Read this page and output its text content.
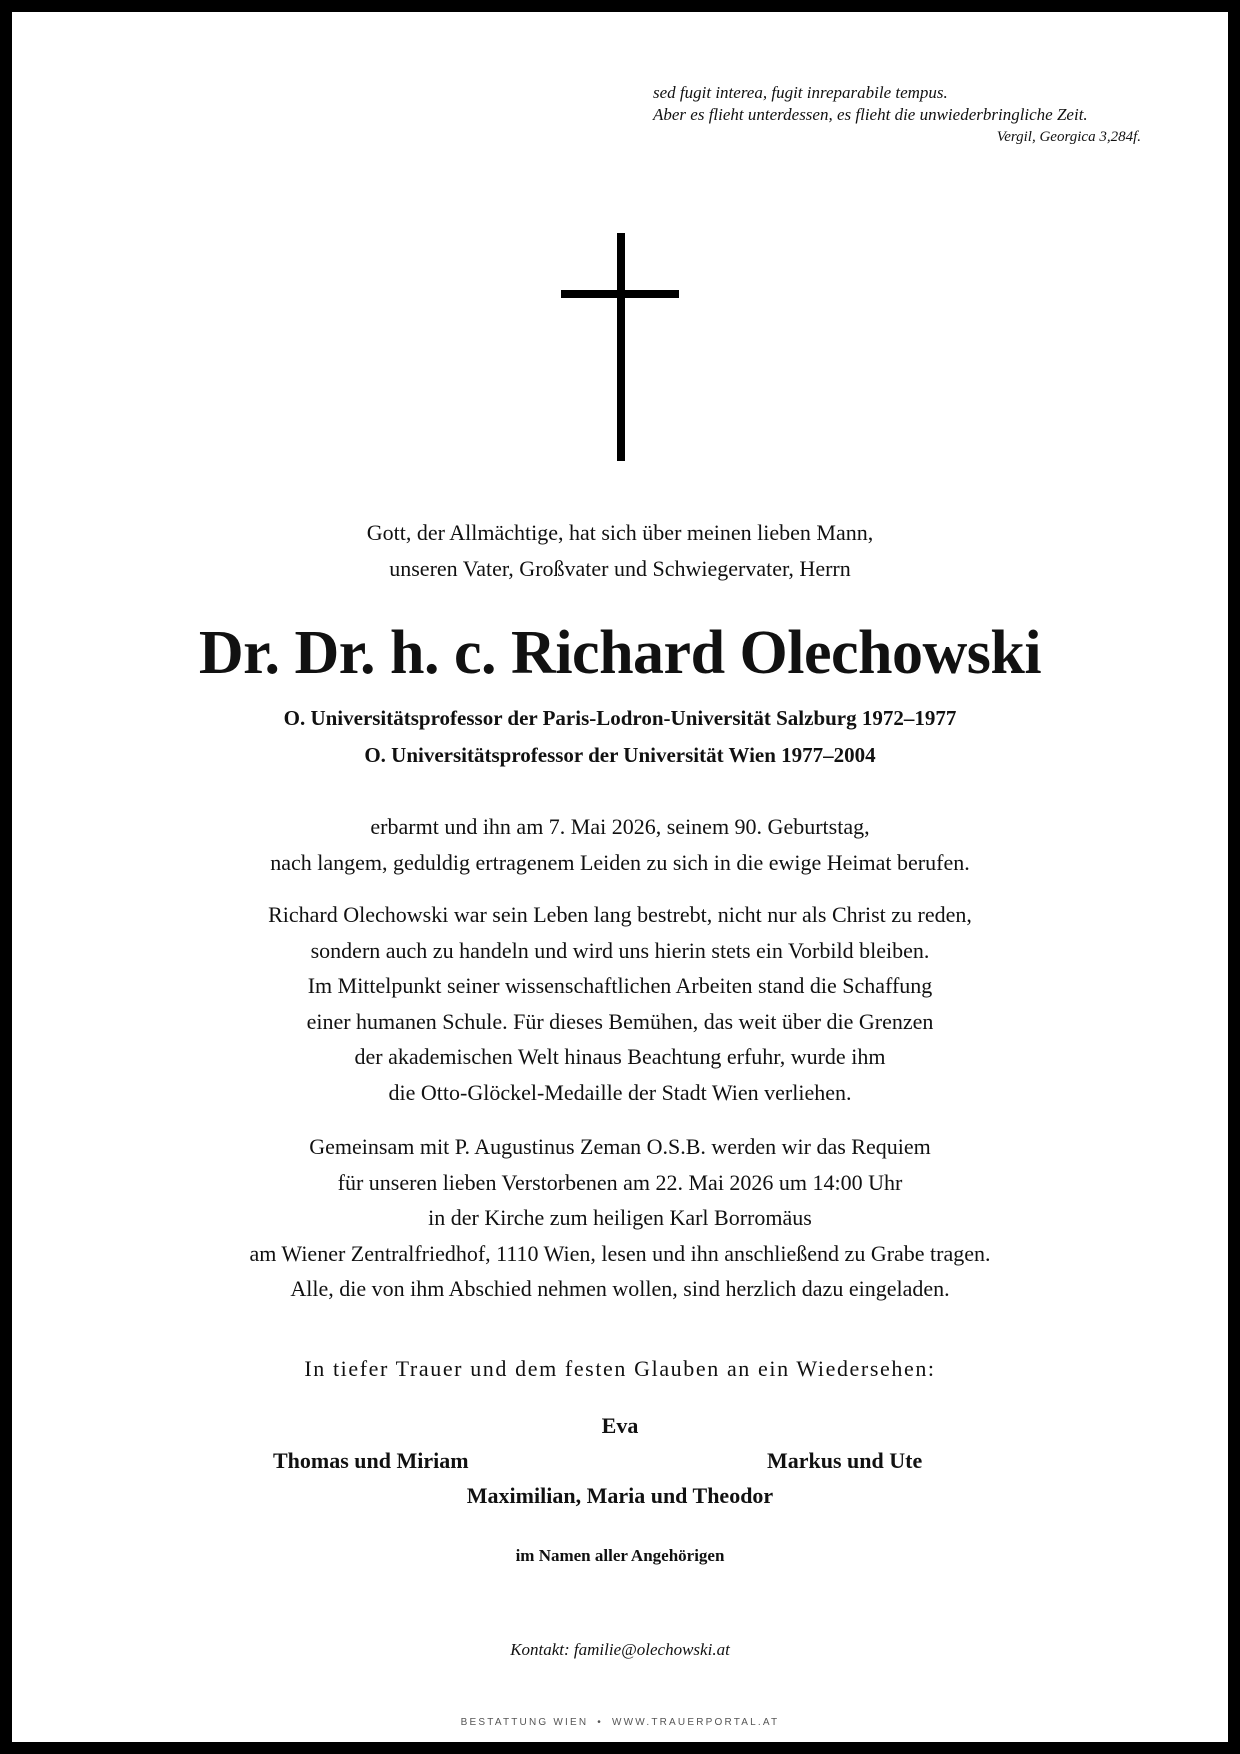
sed fugit interea, fugit inreparabile tempus.
Aber es flieht unterdessen, es flieht die unwiederbringliche Zeit.
Vergil, Georgica 3,284f.
Gott, der Allmächtige, hat sich über meinen lieben Mann,
unseren Vater, Großvater und Schwiegervater, Herrn
Dr. Dr. h. c. Richard Olechowski
O. Universitätsprofessor der Paris-Lodron-Universität Salzburg 1972–1977
O. Universitätsprofessor der Universität Wien 1977–2004
erbarmt und ihn am 7. Mai 2026, seinem 90. Geburtstag,
nach langem, geduldig ertragenem Leiden zu sich in die ewige Heimat berufen.
Richard Olechowski war sein Leben lang bestrebt, nicht nur als Christ zu reden,
sondern auch zu handeln und wird uns hierin stets ein Vorbild bleiben.
Im Mittelpunkt seiner wissenschaftlichen Arbeiten stand die Schaffung
einer humanen Schule. Für dieses Bemühen, das weit über die Grenzen
der akademischen Welt hinaus Beachtung erfuhr, wurde ihm
die Otto-Glöckel-Medaille der Stadt Wien verliehen.
Gemeinsam mit P. Augustinus Zeman O.S.B. werden wir das Requiem
für unseren lieben Verstorbenen am 22. Mai 2026 um 14:00 Uhr
in der Kirche zum heiligen Karl Borromäus
am Wiener Zentralfriedhof, 1110 Wien, lesen und ihn anschließend zu Grabe tragen.
Alle, die von ihm Abschied nehmen wollen, sind herzlich dazu eingeladen.
In tiefer Trauer und dem festen Glauben an ein Wiedersehen:
Eva
Thomas und Miriam	Markus und Ute
Maximilian, Maria und Theodor
im Namen aller Angehörigen
Kontakt: familie@olechowski.at
BESTATTUNG WIEN • WWW.TRAUERPORTAL.AT
